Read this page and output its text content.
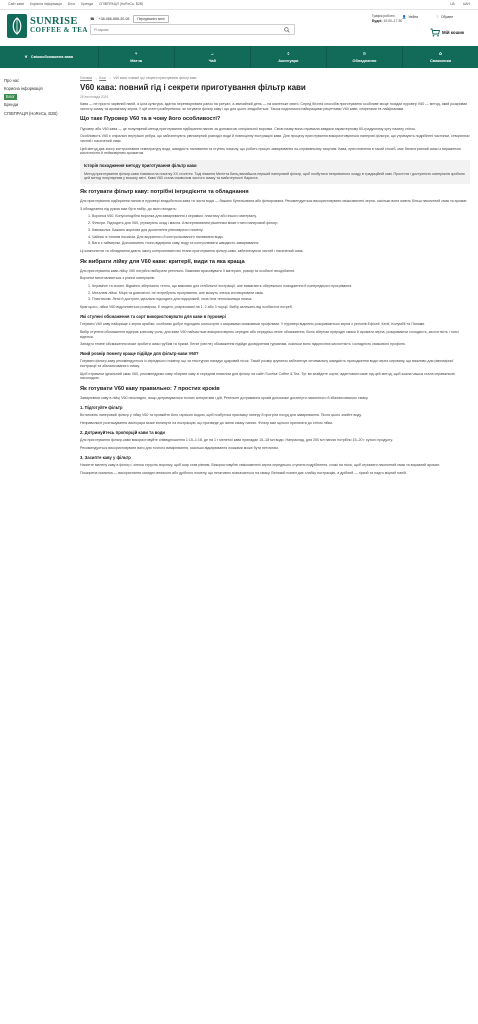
Сайт кави Корисна інформація Блог Бренди СПІВПРАЦЯ (HoReCa, B2B)	UA UAH
SUNRISE
COFFEE & TEA
☎ +38-066-886-30-08	Передзвоніть мені
Я шукаю
Графік роботи:
Будні: 10:00–17:30
👤 Увійти	♡ Обране
Мій кошик
❦ Свіжообсмажена кава
⚘
Матча
☕
Чай
⚱
Аксесуари
⚙
Обладнання
✿
Смаколики
Про нас
Корисна інформація
Блог
Бренди
СПІВПРАЦЯ (HoReCa, B2B)
Головна → Блог → V60 кава: повний гід і секрети приготування фільтр кави
V60 кава: повний гід і секрети приготування фільтр кави
25 листопада 2024

Кава — не просто чарівний напій, а ціла культура, здатна перетворювати ранок на ритуал, а звичайний день — на маленьке свято. Серед безлічі способів приготування особливе місце посідає пуровер V60 — метод, який розкриває чистоту смаку та ароматику зерна. У цій статті розберемося, як готувати фільтр каву і що для цього знадобиться. Також поділимося найкращими рецептами V60 кави, секретами та лайфхаками.

Що таке Пуровер V60 та в чому його особливості?

Пуровер або V60 кава — це популярний метод приготування підбирання напою за допомогою спеціальної воронки. Свою назву вона отримала завдяки характерному 60-градусному куту нахилу стінок.

Особливість V60 є спіральні внутрішні ребра, що забезпечують рівномірний розподіл води й повноцінну екстракцію кави. Для процесу приготування використовуються паперові фільтри, що утримують подрібнені частинки, створюючи чистий і насичений смак.

Цей метод дає змогу контролювати температуру води, швидкість наливання та ступінь помолу, що робить процес заварювання по-справжньому творчим. Кава, приготовлена в такий спосіб, має багатогранний смак із вираженою кислотністю й неймовірним ароматом.

Історія походження методу приготування фільтр кави

Метод приготування фільтр-кави з'явився на початку ХХ століття. Тоді німкеня Мелітта Бенц винайшла перший паперовий фільтр, щоб позбутися неприємного осаду в традиційній каві. Простота і доступність матеріалів зробили цей метод популярним у всьому світі. Кава V60 стала символом чистого смаку та майстерності бариста.

Як готувати фільтр каву: потрібні інгредієнти та обладнання

Для приготування підбирання напою в пуровері знадобиться кава та чиста вода — бажано бутильована або фільтрована. Рекомендується використовувати свіжозмелені зерна, оскільки вони мають більш насичений смак та аромат.

З обладнання під рукою має бути набір, до якого входить:

1. Воронка V60. Конусоподібна воронка для заварювання з кераміки, пластику або іншого матеріалу.
2. Фільтри. Підходять для V60, утримують осад і масла. Альтернативним рішенням може стати паперовий фільтр.
3. Кавомолка. Бажано жорнова для досягнення рівномірного помелу.
4. Чайник із тонким носиком. Для акуратного й контрольованого наливання води.
5. Ваги з таймером. Допомагають точно відміряти каву, воду та контролювати швидкість заварювання.

Ці компоненти та обладнання дають змогу контролювати всі етапи приготування фільтр-кави, забезпечуючи чистий і насичений смак.

Як вибрати лійку для V60 кави: критерії, види та яка краща

Для приготування кави лійку V60 потрібно вибирати ретельно. Важливо враховувати її матеріал, розмір та особисті вподобання.

Воронки виготовляються з різних матеріалів:

1. Керамічні та скляні. Відмінно зберігають тепло, що важливо для стабільної екстракції, але вимагають обережного поводження й попереднього прогрівання.
2. Металеві лійки. Міцні та довговічні, не потребують прогрівання, але можуть злегка спотворювати смак.
3. Пластикові. Легкі й доступні, ідеально підходять для подорожей, хоча їхня теплоізоляція нижча.

Крім цього, лійки V60 відрізняються розміром. Є моделі, розраховані на 1, 2 або 3 порції. Вибір залежить від особистих потреб.

Які ступені обсмаження та сорт використовувати для кави в пуровері

Готувати V60 каву найкраще з зерна арабіки, особливо добре підходять моносорти з яскравими смаковими профілями. У пуровері відмінно розкриваються зерна з регіонів Ефіопії, Кенії, Колумбії та Панами.

Вибір ступеня обсмаження відіграє ключову роль: для кави V60 найчастіше використовують середнє або середньо-легке обсмаження. Воно зберігає природні смаки й аромати зерна, розкриваючи солодкість, кислотність і тонкі відтінки.

Занадто темне обсмаження може зробити смак грубим та гірким. Легке (світле) обсмаження підійде досвідченим гурманам, оскільки воно підкреслює кислотність і складність смакового профілю.

Який розмір помелу краще підійде для фільтр-кави V60?

Готувати фільтр-каву рекомендується із середнього помелу, що за текстурою нагадує цукровий пісок. Такий розмір крупинок забезпечує оптимальну швидкість проходження води через сировину, що важливо для рівномірної екстракції та збалансованого смаку.

Щоб отримати ідеальний смак V60, рекомендуємо каву обирати каву зі середнім помелом для фільтр на сайті Sunrise Coffee & Tea. Тут ви знайдете сорти, адаптовані саме під цей метод, щоб кожна чашка стала справжньою насолодою.

Як готувати V60 каву правильно: 7 простих кроків

Заварювати каву в лійці V60 нескладно, якщо дотримуватися точних алгоритмів і дій. Ретельне дотримання кроків допоможе досягнути насиченого й збалансованого смаку.

1. Підготуйте фільтр

Встановіть паперовий фільтр у лійку V60 та промийте його гарячою водою, щоб позбутися присмаку паперу й прогріти посуд для заварювання. Після цього злийте воду.

Неправильне розташування аксесуара може вплинути на екстракцію, що призведе до зміни смаку напою. Фільтр має щільно прилягати до стінок лійки.

2. Дотримуйтесь пропорцій кави та води

Для приготування фільтр-кави використовуйте співвідношення 1:15–1:18, де на 1 г меленої кави припадає 15–18 мл води. Наприклад, для 250 мл напою потрібно 15–20 г сухого продукту.

Рекомендується використовувати ваги для точного вимірювання, оскільки відмірювання ложками може бути неточним.

3. Засипте каву у фільтр

Насипте мелену каву в фільтр і злегка струсіть воронку, щоб шар став рівним. Використовуйте свіжозмелені зерна середнього ступеня подрібнення, схожі на пісок, щоб отримати насичений смак та виразний аромат.

Поширена помилка — використання занадто великого або дрібного помелу, що негативно позначається на смаку. Великий помел дає слабку екстракцію, а дрібний — гіркий та надто міцний напій.
